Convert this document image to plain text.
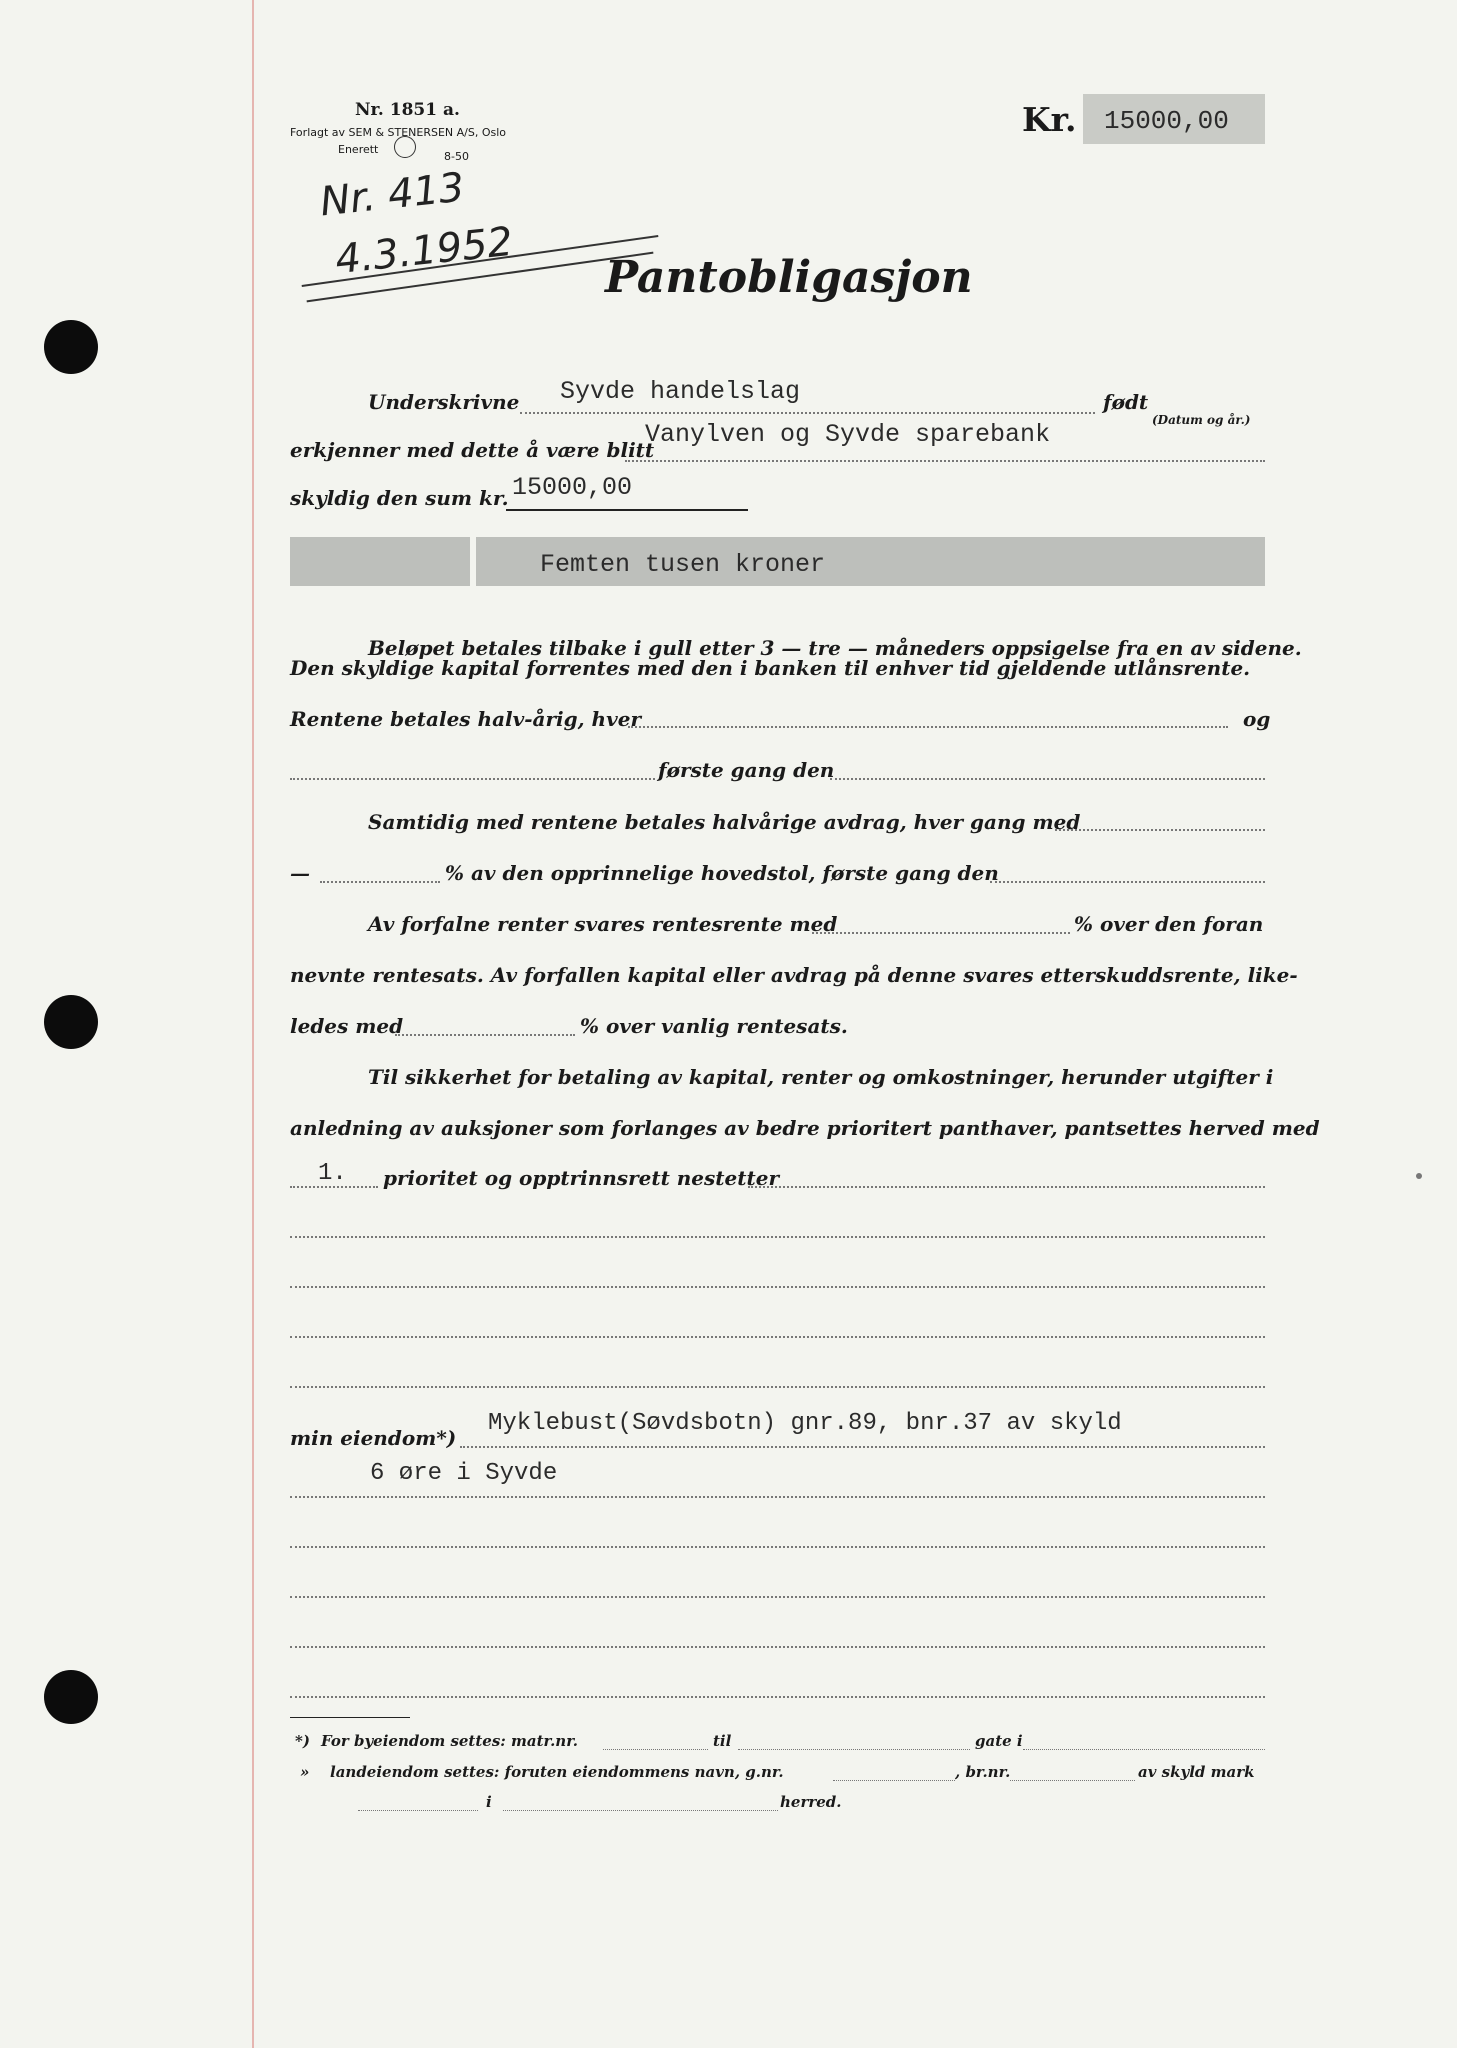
Nr. 1851 a.
Forlagt av SEM & STENERSEN A/S, Oslo
Enerett
8-50
Kr. 15000,00
Nr. 413
4.3.1952 Pantobligasjon
Underskrivne Syvde handelslag	født
(Datum og år.)
erkjenner med dette å være blitt
Vanylven og Syvde sparebank
skyldig den sum kr. 15000,00
Femten tusen kroner
Beløpet betales tilbake i gull etter 3 — tre — måneders oppsigelse fra en av sidene.
Den skyldige kapital forrentes med den i banken til enhver tid gjeldende utlånsrente.
Rentene betales halv-årig, hver	og
første gang den
Samtidig med rentene betales halvårige avdrag, hver gang med
—	% av den opprinnelige hovedstol, første gang den
Av forfalne renter svares rentesrente med	% over den foran
nevnte rentesats. Av forfallen kapital eller avdrag på denne svares etterskuddsrente, like-
ledes med	% over vanlig rentesats.
Til sikkerhet for betaling av kapital, renter og omkostninger, herunder utgifter i
anledning av auksjoner som forlanges av bedre prioritert panthaver, pantsettes herved med
1. prioritet og opptrinnsrett nestetter
min eiendom*)
Myklebust(Søvdsbotn) gnr.89, bnr.37 av skyld
6 øre i Syvde
*) For byeiendom settes: matr.nr.	til	gate i
» landeiendom settes: foruten eiendommens navn, g.nr.	, br.nr.	av skyld mark
i	herred.
